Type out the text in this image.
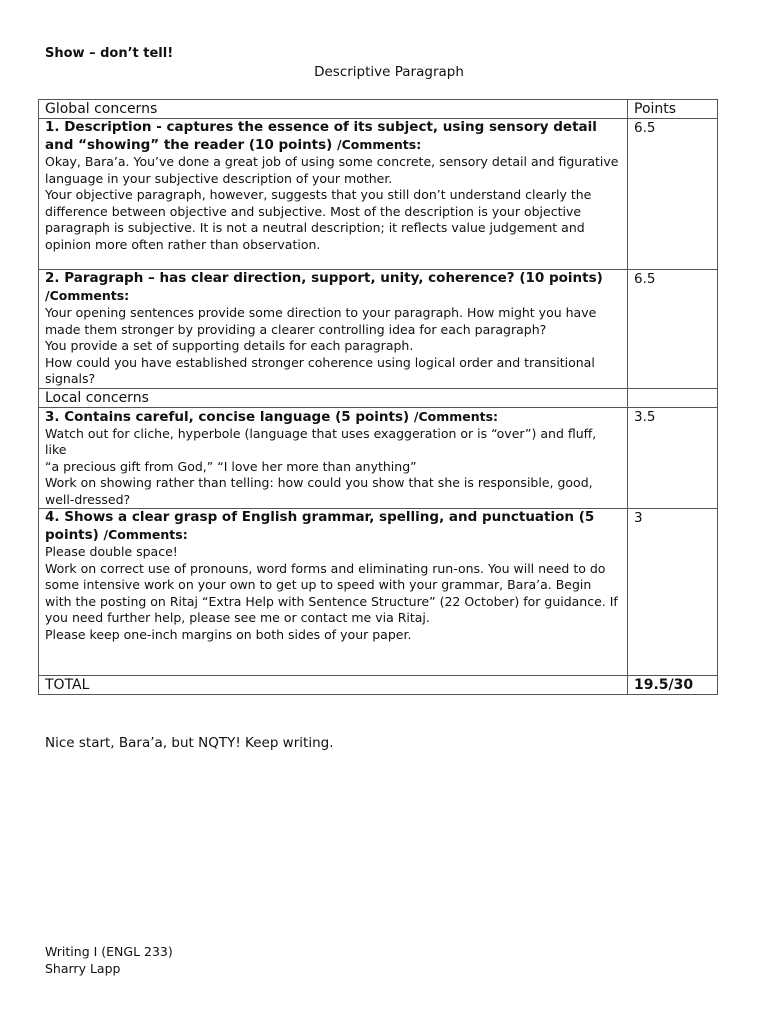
Show – don’t tell!
Descriptive Paragraph
Global concerns	Points

1. Description - captures the essence of its subject, using sensory detail and “showing” the reader (10 points) /Comments:

Okay, Bara’a. You’ve done a great job of using some concrete, sensory detail and figurative language in your subjective description of your mother.

Your objective paragraph, however, suggests that you still don’t understand clearly the difference between objective and subjective. Most of the description is your objective paragraph is subjective. It is not a neutral description; it reflects value judgement and opinion more often rather than observation.	6.5

2. Paragraph – has clear direction, support, unity, coherence? (10 points) /Comments:

Your opening sentences provide some direction to your paragraph. How might you have made them stronger by providing a clearer controlling idea for each paragraph?

You provide a set of supporting details for each paragraph.

How could you have established stronger coherence using logical order and transitional signals?	6.5
Local concerns	

3. Contains careful, concise language (5 points) /Comments:

Watch out for cliche, hyperbole (language that uses exaggeration or is “over”) and fluff, like

“a precious gift from God,” “I love her more than anything”

Work on showing rather than telling: how could you show that she is responsible, good, well-dressed?	3.5

4. Shows a clear grasp of English grammar, spelling, and punctuation (5 points) /Comments:

Please double space!

Work on correct use of pronouns, word forms and eliminating run-ons. You will need to do some intensive work on your own to get up to speed with your grammar, Bara’a. Begin with the posting on Ritaj “Extra Help with Sentence Structure” (22 October) for guidance. If you need further help, please see me or contact me via Ritaj.

Please keep one-inch margins on both sides of your paper.	3
TOTAL	19.5/30
Nice start, Bara’a, but NQTY! Keep writing.
Writing I (ENGL 233)
Sharry Lapp
